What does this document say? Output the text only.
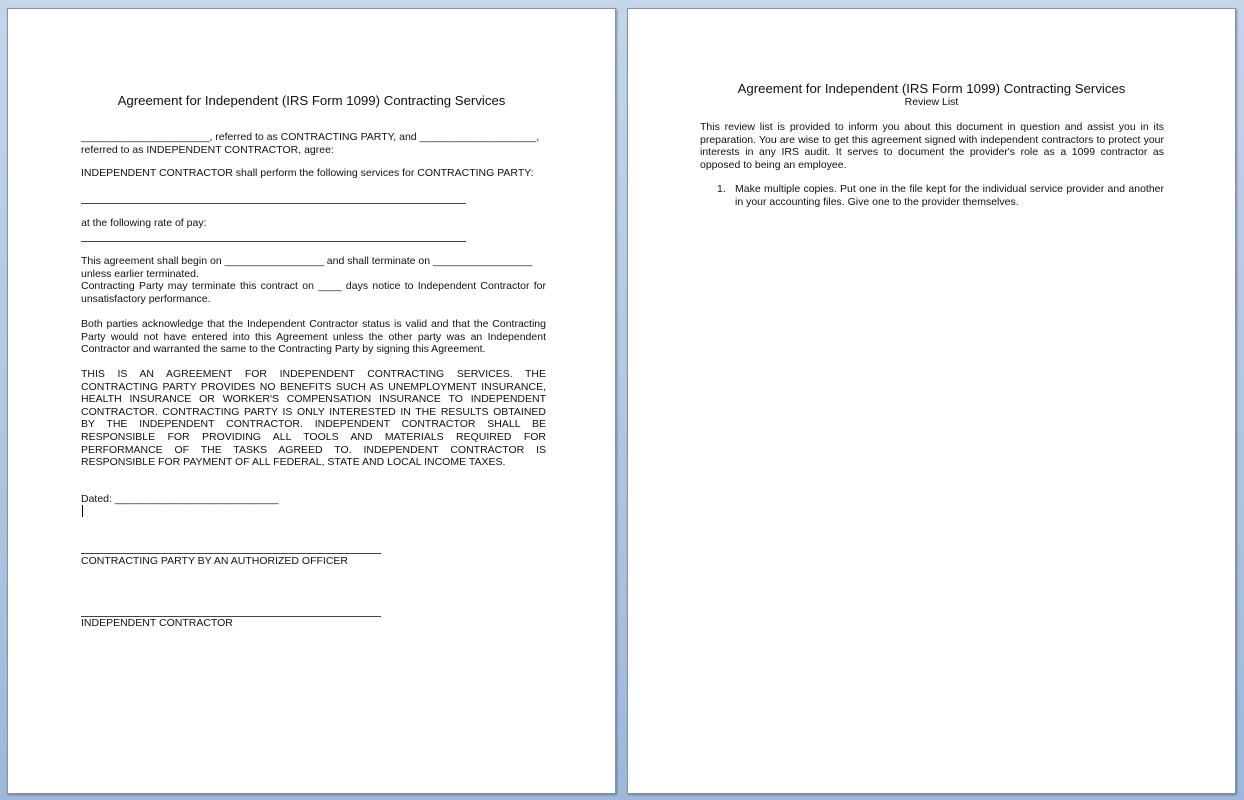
Agreement for Independent (IRS Form 1099) Contracting Services
______________________, referred to as CONTRACTING PARTY, and ____________________,
referred to as INDEPENDENT CONTRACTOR, agree:
INDEPENDENT CONTRACTOR shall perform the following services for CONTRACTING PARTY:
at the following rate of pay:
This agreement shall begin on _________________ and shall terminate on _________________
unless earlier terminated.
Contracting Party may terminate this contract on ____ days notice to Independent Contractor for unsatisfactory performance.
Both parties acknowledge that the Independent Contractor status is valid and that the Contracting Party would not have entered into this Agreement unless the other party was an Independent Contractor and warranted the same to the Contracting Party by signing this Agreement.
THIS IS AN AGREEMENT FOR INDEPENDENT CONTRACTING SERVICES. THE CONTRACTING PARTY PROVIDES NO BENEFITS SUCH AS UNEMPLOYMENT INSURANCE, HEALTH INSURANCE OR WORKER'S COMPENSATION INSURANCE TO INDEPENDENT CONTRACTOR. CONTRACTING PARTY IS ONLY INTERESTED IN THE RESULTS OBTAINED BY THE INDEPENDENT CONTRACTOR. INDEPENDENT CONTRACTOR SHALL BE RESPONSIBLE FOR PROVIDING ALL TOOLS AND MATERIALS REQUIRED FOR PERFORMANCE OF THE TASKS AGREED TO. INDEPENDENT CONTRACTOR IS RESPONSIBLE FOR PAYMENT OF ALL FEDERAL, STATE AND LOCAL INCOME TAXES.
Dated: ____________________________
CONTRACTING PARTY BY AN AUTHORIZED OFFICER
INDEPENDENT CONTRACTOR
Agreement for Independent (IRS Form 1099) Contracting Services
Review List
This review list is provided to inform you about this document in question and assist you in its preparation. You are wise to get this agreement signed with independent contractors to protect your interests in any IRS audit. It serves to document the provider's role as a 1099 contractor as opposed to being an employee.
1. Make multiple copies. Put one in the file kept for the individual service provider and another in your accounting files. Give one to the provider themselves.
